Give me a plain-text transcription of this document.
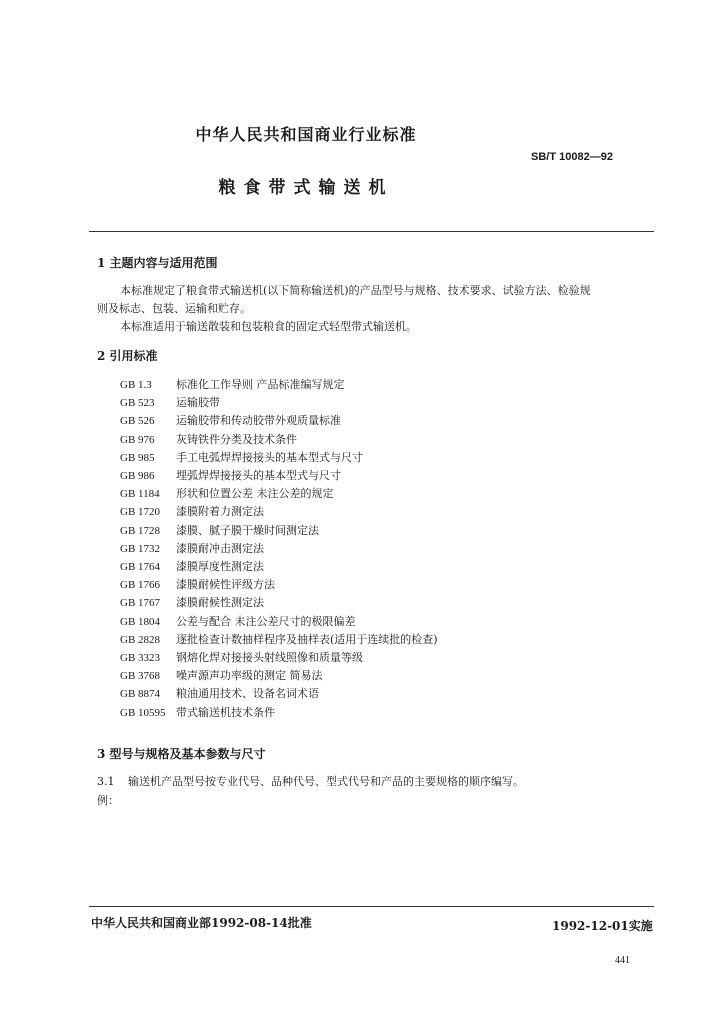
中华人民共和国商业行业标准
SB/T 10082—92
粮食带式输送机
1 主题内容与适用范围
本标准规定了粮食带式输送机(以下简称输送机)的产品型号与规格、技术要求、试验方法、检验规
则及标志、包装、运输和贮存。
本标准适用于输送散装和包装粮食的固定式轻型带式输送机。
2 引用标准
GB 1.3 标准化工作导则 产品标准编写规定
GB 523 运输胶带
GB 526 运输胶带和传动胶带外观质量标准
GB 976 灰铸铁件分类及技术条件
GB 985 手工电弧焊焊接接头的基本型式与尺寸
GB 986 埋弧焊焊接接头的基本型式与尺寸
GB 1184 形状和位置公差 未注公差的规定
GB 1720 漆膜附着力测定法
GB 1728 漆膜、腻子膜干燥时间测定法
GB 1732 漆膜耐冲击测定法
GB 1764 漆膜厚度性测定法
GB 1766 漆膜耐候性评级方法
GB 1767 漆膜耐候性测定法
GB 1804 公差与配合 未注公差尺寸的极限偏差
GB 2828 逐批检查计数抽样程序及抽样表(适用于连续批的检查)
GB 3323 钢熔化焊对接接头射线照像和质量等级
GB 3768 噪声源声功率级的测定 简易法
GB 8874 粮油通用技术、设备名词术语
GB 10595 带式输送机技术条件
3 型号与规格及基本参数与尺寸
3.1 输送机产品型号按专业代号、品种代号、型式代号和产品的主要规格的顺序编写。
例：
中华人民共和国商业部1992-08-14批准	1992-12-01实施
441
